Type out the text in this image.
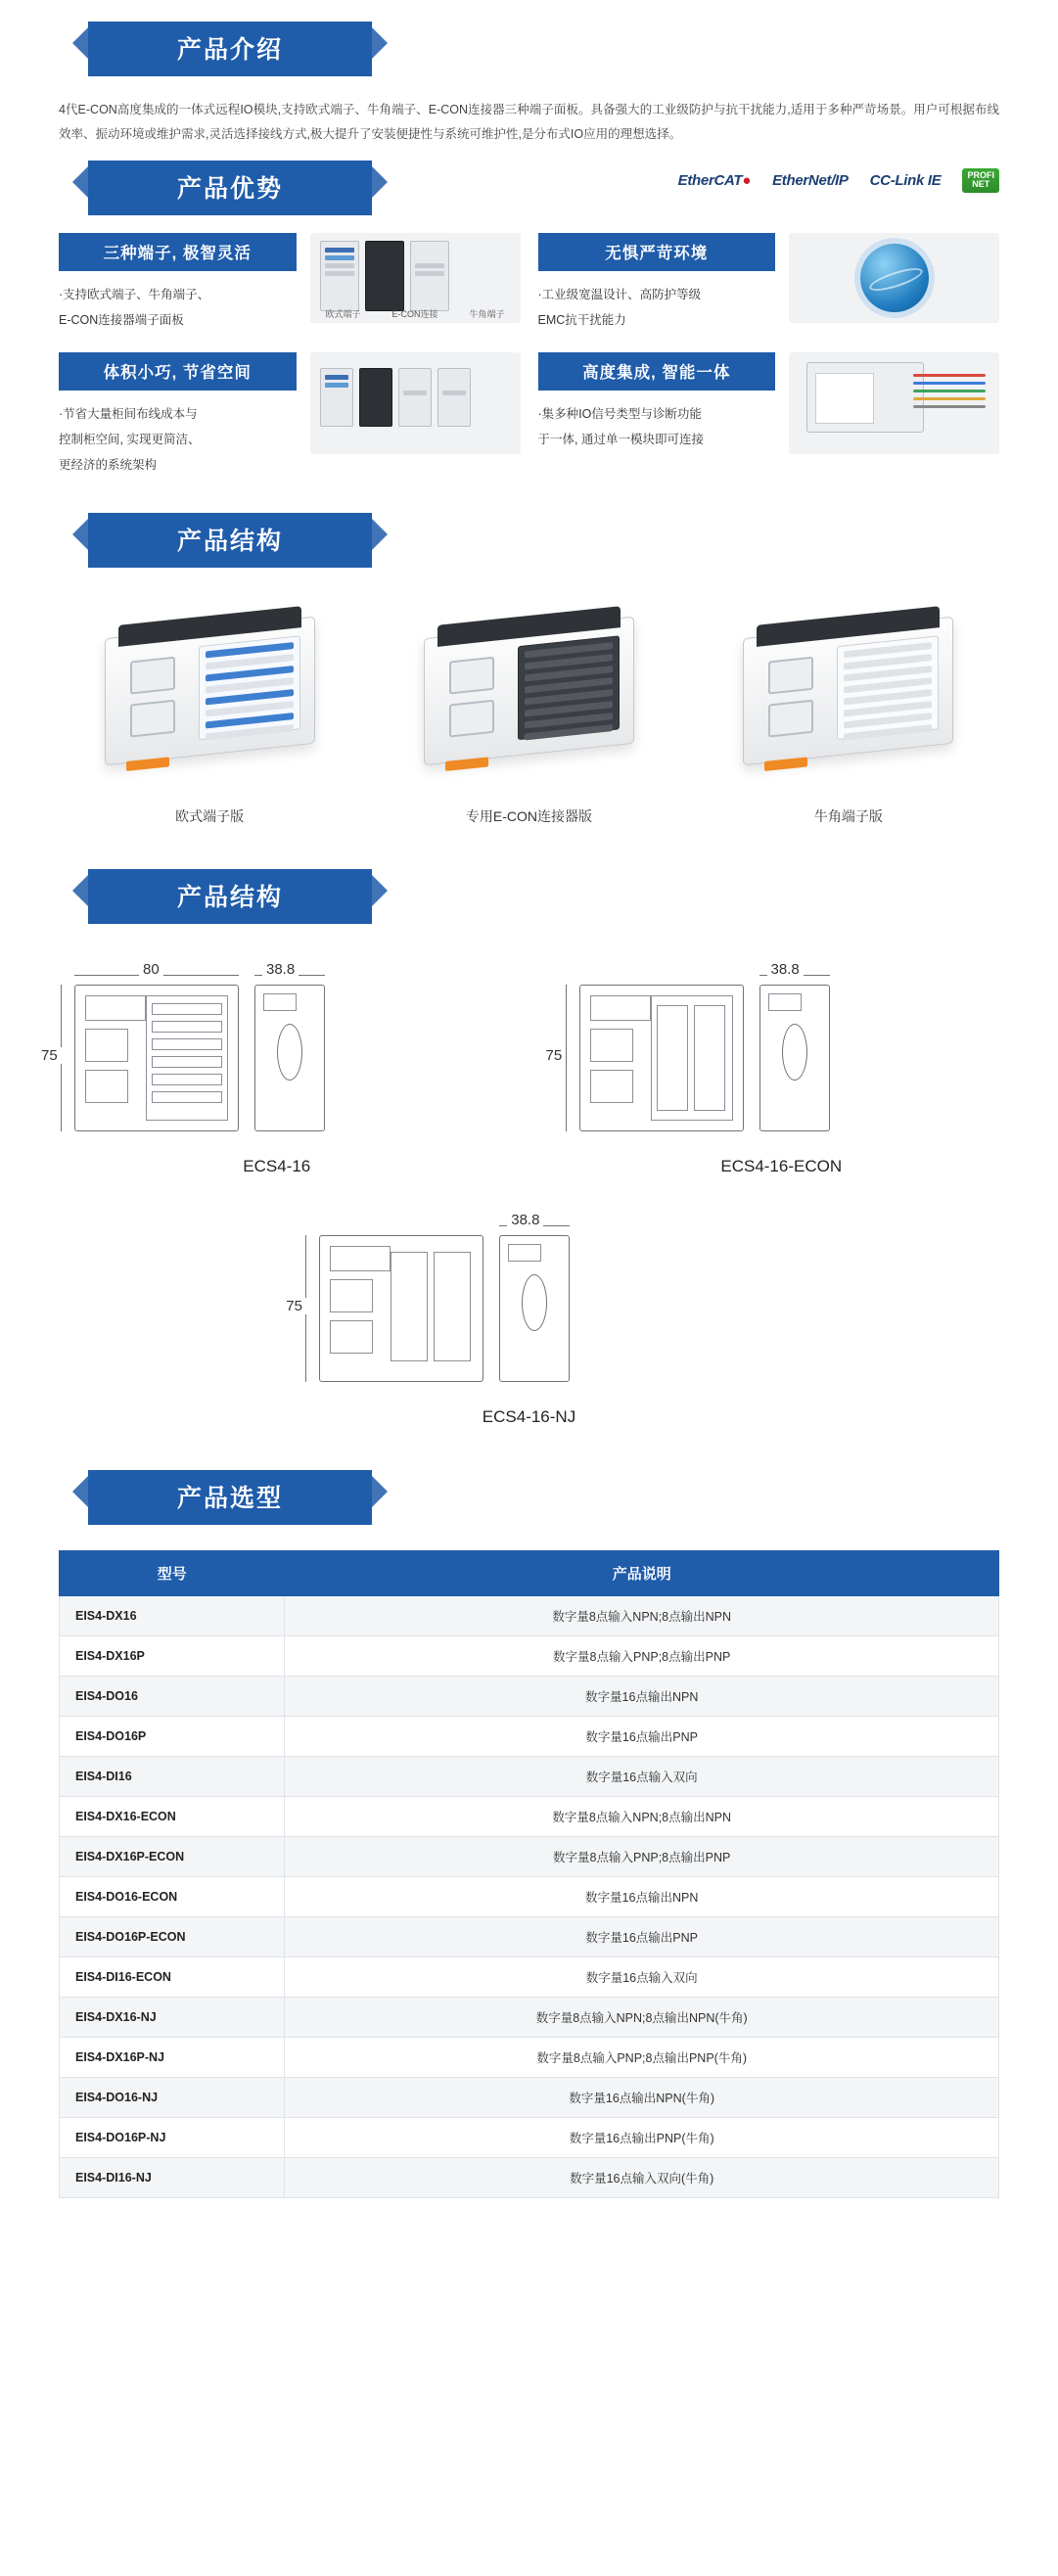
产品介绍
4代E-CON高度集成的一体式远程IO模块,支持欧式端子、牛角端子、E-CON连接器三种端子面板。具备强大的工业级防护与抗干扰能力,适用于多种严苛场景。用户可根据布线效率、振动环境或维护需求,灵活选择接线方式,极大提升了安装便捷性与系统可维护性,是分布式IO应用的理想选择。
产品优势	EtherCAT● EtherNet/IP CC-Link IE	PROFI
NET
三种端子, 极智灵活
·支持欧式端子、牛角端子、
E-CON连接器端子面板	欧式端子	E-CON连接	牛角端子
无惧严苛环境
·工业级宽温设计、高防护等级
EMC抗干扰能力
体积小巧, 节省空间
·节省大量柜间布线成本与
控制柜空间, 实现更简洁、
更经济的系统架构
高度集成, 智能一体
·集多种IO信号类型与诊断功能
于一体, 通过单一模块即可连接
产品结构
欧式端子版	专用E-CON连接器版	牛角端子版
产品结构
80	38.8
75
ECS4-16
38.8
75
ECS4-16-ECON
38.8
75
ECS4-16-NJ
产品选型
型号	产品说明
EIS4-DX16	数字量8点输入NPN;8点输出NPN
EIS4-DX16P	数字量8点输入PNP;8点输出PNP
EIS4-DO16	数字量16点输出NPN
EIS4-DO16P	数字量16点输出PNP
EIS4-DI16	数字量16点输入双向
EIS4-DX16-ECON	数字量8点输入NPN;8点输出NPN
EIS4-DX16P-ECON	数字量8点输入PNP;8点输出PNP
EIS4-DO16-ECON	数字量16点输出NPN
EIS4-DO16P-ECON	数字量16点输出PNP
EIS4-DI16-ECON	数字量16点输入双向
EIS4-DX16-NJ	数字量8点输入NPN;8点输出NPN(牛角)
EIS4-DX16P-NJ	数字量8点输入PNP;8点输出PNP(牛角)
EIS4-DO16-NJ	数字量16点输出NPN(牛角)
EIS4-DO16P-NJ	数字量16点输出PNP(牛角)
EIS4-DI16-NJ	数字量16点输入双向(牛角)
